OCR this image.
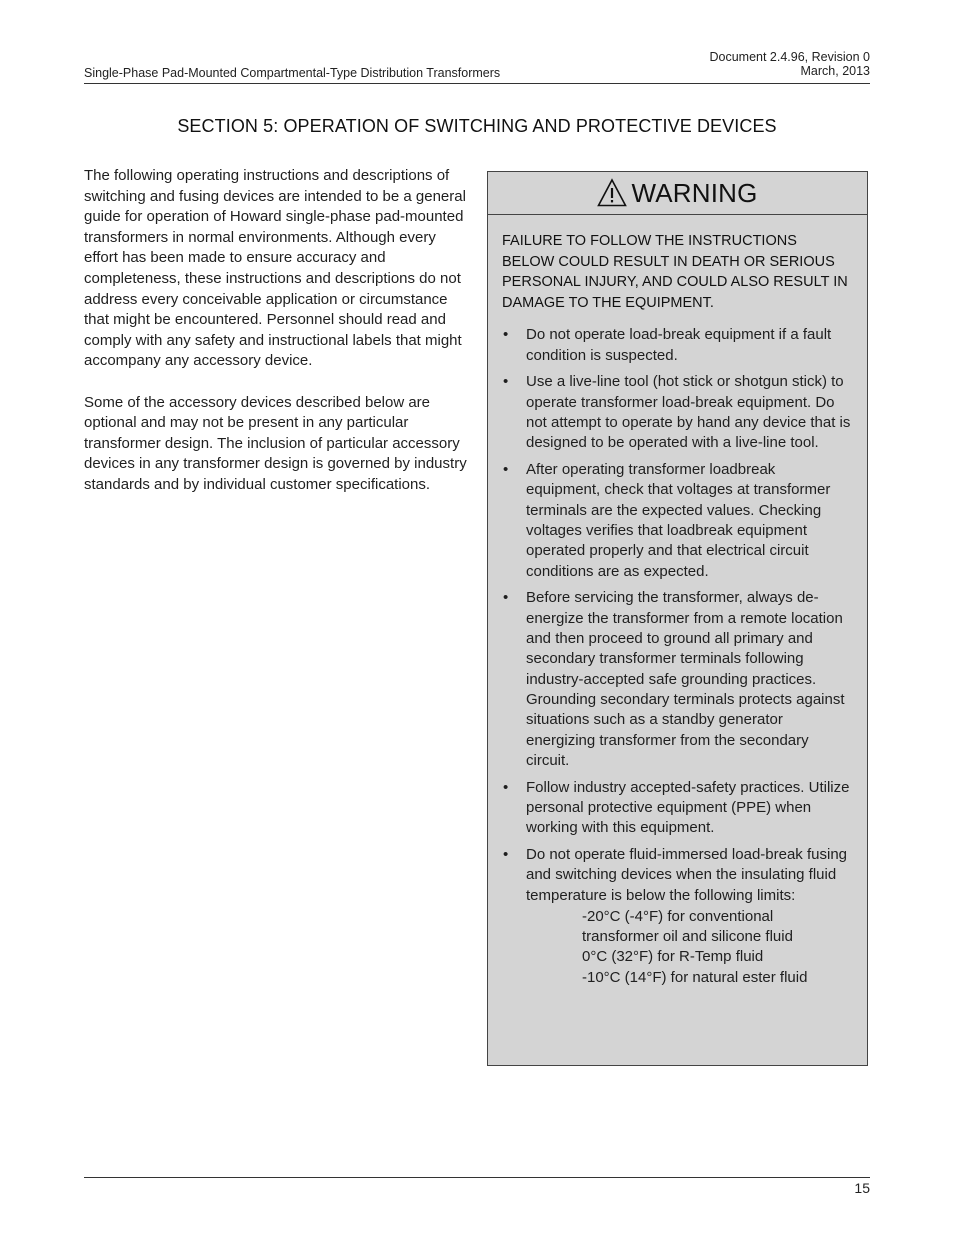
Single-Phase Pad-Mounted Compartmental-Type Distribution Transformers
Document 2.4.96, Revision 0
March, 2013
SECTION 5: OPERATION OF SWITCHING AND PROTECTIVE DEVICES

The following operating instructions and descriptions of switching and fusing devices are intended to be a general guide for operation of Howard single-phase pad-mounted transformers in normal environments. Although every effort has been made to ensure accuracy and completeness, these instructions and descriptions do not address every conceivable application or circumstance that might be encountered. Personnel should read and comply with any safety and instructional labels that might accompany any accessory device.

Some of the accessory devices described below are optional and may not be present in any particular transformer design. The inclusion of particular accessory devices in any transformer design is governed by industry standards and by individual customer specifications.

WARNING

FAILURE TO FOLLOW THE INSTRUCTIONS BELOW COULD RESULT IN DEATH OR SERIOUS PERSONAL INJURY, AND COULD ALSO RESULT IN DAMAGE TO THE EQUIPMENT.

• Do not operate load-break equipment if a fault condition is suspected.
• Use a live-line tool (hot stick or shotgun stick) to operate transformer load-break equipment. Do not attempt to operate by hand any device that is designed to be operated with a live-line tool.
• After operating transformer loadbreak equipment, check that voltages at transformer terminals are the expected values. Checking voltages verifies that loadbreak equipment operated properly and that electrical circuit conditions are as expected.
• Before servicing the transformer, always de-energize the transformer from a remote location and then proceed to ground all primary and secondary transformer terminals following industry-accepted safe grounding practices. Grounding secondary terminals protects against situations such as a standby generator energizing transformer from the secondary circuit.
• Follow industry accepted-safety practices. Utilize personal protective equipment (PPE) when working with this equipment.
• Do not operate fluid-immersed load-break fusing and switching devices when the insulating fluid temperature is below the following limits:
-20°C (-4°F) for conventional transformer oil and silicone fluid
0°C (32°F) for R-Temp fluid
-10°C (14°F) for natural ester fluid
15
